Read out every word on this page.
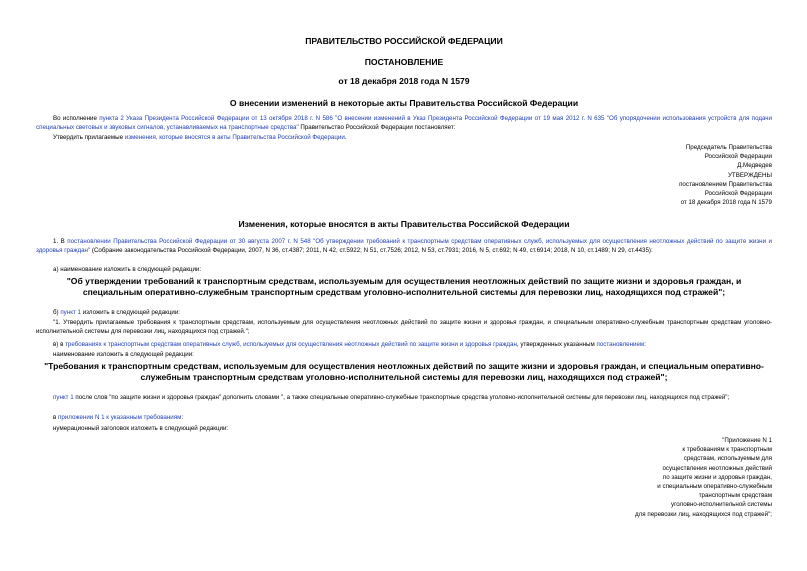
ПРАВИТЕЛЬСТВО РОССИЙСКОЙ ФЕДЕРАЦИИ
ПОСТАНОВЛЕНИЕ
от 18 декабря 2018 года N 1579
О внесении изменений в некоторые акты Правительства Российской Федерации
Во исполнение пункта 2 Указа Президента Российской Федерации от 13 октября 2018 г. N 586 "О внесении изменений в Указ Президента Российской Федерации от 19 мая 2012 г. N 635 "Об упорядочении использования устройств для подачи специальных световых и звуковых сигналов, устанавливаемых на транспортные средства" Правительство Российской Федерации постановляет:
Утвердить прилагаемые изменения, которые вносятся в акты Правительства Российской Федерации.
Председатель Правительства
Российской Федерации
Д.Медведев
УТВЕРЖДЕНЫ
постановлением Правительства
Российской Федерации
от 18 декабря 2018 года N 1579
Изменения, которые вносятся в акты Правительства Российской Федерации
1. В постановлении Правительства Российской Федерации от 30 августа 2007 г. N 548 "Об утверждении требований к транспортным средствам оперативных служб, используемых для осуществления неотложных действий по защите жизни и здоровья граждан" (Собрание законодательства Российской Федерации, 2007, N 36, ст.4387; 2011, N 42, ст.5922; N 51, ст.7526; 2012, N 53, ст.7931; 2016, N 5, ст.692; N 49, ст.6914; 2018, N 10, ст.1489; N 29, ст.4435):
а) наименование изложить в следующей редакции:
"Об утверждении требований к транспортным средствам, используемым для осуществления неотложных действий по защите жизни и здоровья граждан, и специальным оперативно-служебным транспортным средствам уголовно-исполнительной системы для перевозки лиц, находящихся под стражей";
б) пункт 1 изложить в следующей редакции:
"1. Утвердить прилагаемые требования к транспортным средствам, используемым для осуществления неотложных действий по защите жизни и здоровья граждан, и специальным оперативно-служебным транспортным средствам уголовно-исполнительной системы для перевозки лиц, находящихся под стражей.";
в) в требованиях к транспортным средствам оперативных служб, используемых для осуществления неотложных действий по защите жизни и здоровья граждан, утвержденных указанным постановлением:
наименование изложить в следующей редакции:
"Требования к транспортным средствам, используемым для осуществления неотложных действий по защите жизни и здоровья граждан, и специальным оперативно-служебным транспортным средствам уголовно-исполнительной системы для перевозки лиц, находящихся под стражей";
пункт 1 после слов "по защите жизни и здоровья граждан" дополнить словами ", а также специальные оперативно-служебные транспортные средства уголовно-исполнительной системы для перевозки лиц, находящихся под стражей";
в приложении N 1 к указанным требованиям:
нумерационный заголовок изложить в следующей редакции:
"Приложение N 1
к требованиям к транспортным
средствам, используемым для
осуществления неотложных действий
по защите жизни и здоровья граждан,
и специальным оперативно-служебным
транспортным средствам
уголовно-исполнительной системы
для перевозки лиц, находящихся под стражей";
